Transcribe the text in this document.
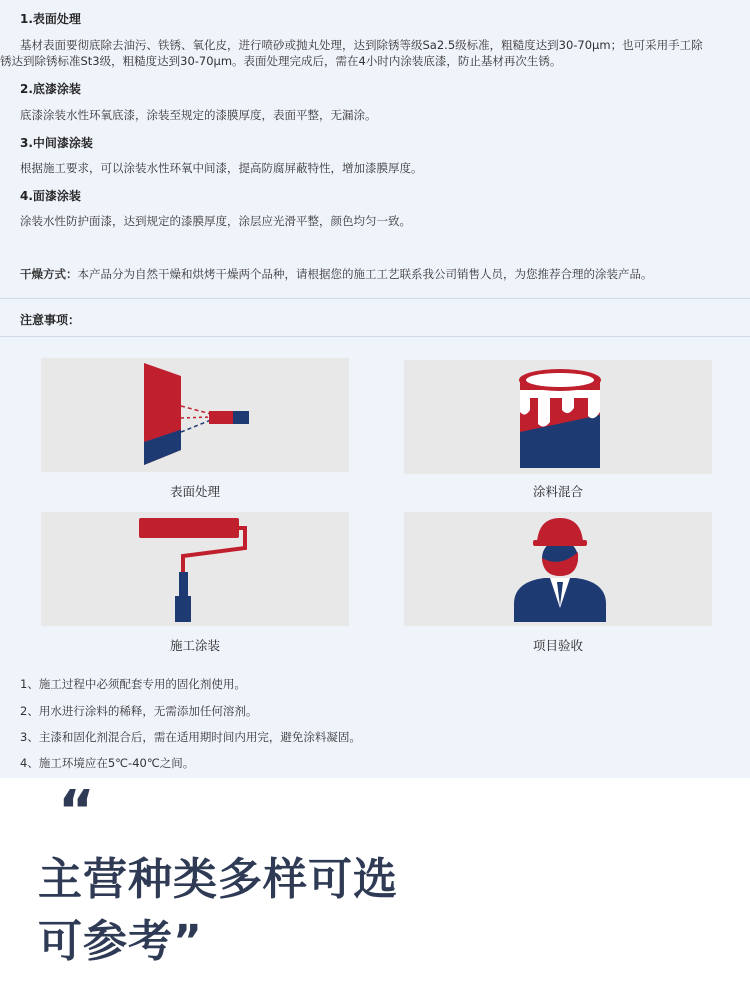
1.表面处理
基材表面要彻底除去油污、铁锈、氧化皮，进行喷砂或抛丸处理，达到除锈等级Sa2.5级标准，粗糙度达到30-70μm；也可采用手工除
锈达到除锈标准St3级，粗糙度达到30-70μm。表面处理完成后，需在4小时内涂装底漆，防止基材再次生锈。
2.底漆涂装
底漆涂装水性环氧底漆，涂装至规定的漆膜厚度，表面平整，无漏涂。
3.中间漆涂装
根据施工要求，可以涂装水性环氧中间漆，提高防腐屏蔽特性，增加漆膜厚度。
4.面漆涂装
涂装水性防护面漆，达到规定的漆膜厚度，涂层应光滑平整，颜色均匀一致。
干燥方式：本产品分为自然干燥和烘烤干燥两个品种，请根据您的施工工艺联系我公司销售人员，为您推荐合理的涂装产品。
注意事项：
表面处理	涂料混合
施工涂装	项目验收
1、施工过程中必须配套专用的固化剂使用。
2、用水进行涂料的稀释，无需添加任何溶剂。
3、主漆和固化剂混合后，需在适用期时间内用完，避免涂料凝固。
4、施工环境应在5℃-40℃之间。
“
主营种类多样可选
可参考”
